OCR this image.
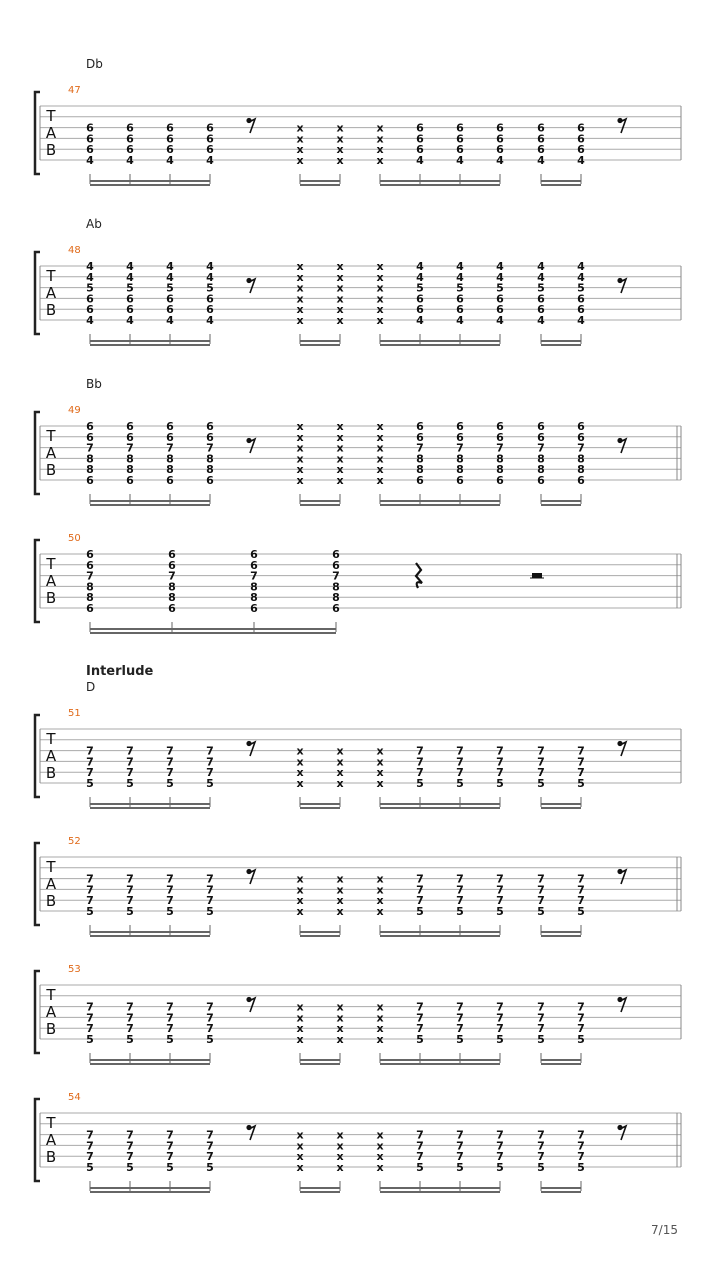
7/15
Db
47
T
A
B
6
6
6
4
6
6
6
4
6
6
6
4
6
6
6
4
x
x
x
x
x
x
x
x
x
x
x
x
6
6
6
4
6
6
6
4
6
6
6
4
6
6
6
4
6
6
6
4
Ab
48
T
A
B
4
4
5
6
6
4
4
4
5
6
6
4
4
4
5
6
6
4
4
4
5
6
6
4
x
x
x
x
x
x
x
x
x
x
x
x
x
x
x
x
x
x
4
4
5
6
6
4
4
4
5
6
6
4
4
4
5
6
6
4
4
4
5
6
6
4
4
4
5
6
6
4
Bb
49
T
A
B
6
6
7
8
8
6
6
6
7
8
8
6
6
6
7
8
8
6
6
6
7
8
8
6
x
x
x
x
x
x
x
x
x
x
x
x
x
x
x
x
x
x
6
6
7
8
8
6
6
6
7
8
8
6
6
6
7
8
8
6
6
6
7
8
8
6
6
6
7
8
8
6
50
T
A
B
6
6
7
8
8
6
6
6
7
8
8
6
6
6
7
8
8
6
6
6
7
8
8
6
Interlude
D
51
T
A
B
7
7
7
5
7
7
7
5
7
7
7
5
7
7
7
5
x
x
x
x
x
x
x
x
x
x
x
x
7
7
7
5
7
7
7
5
7
7
7
5
7
7
7
5
7
7
7
5
52
T
A
B
7
7
7
5
7
7
7
5
7
7
7
5
7
7
7
5
x
x
x
x
x
x
x
x
x
x
x
x
7
7
7
5
7
7
7
5
7
7
7
5
7
7
7
5
7
7
7
5
53
T
A
B
7
7
7
5
7
7
7
5
7
7
7
5
7
7
7
5
x
x
x
x
x
x
x
x
x
x
x
x
7
7
7
5
7
7
7
5
7
7
7
5
7
7
7
5
7
7
7
5
54
T
A
B
7
7
7
5
7
7
7
5
7
7
7
5
7
7
7
5
x
x
x
x
x
x
x
x
x
x
x
x
7
7
7
5
7
7
7
5
7
7
7
5
7
7
7
5
7
7
7
5
